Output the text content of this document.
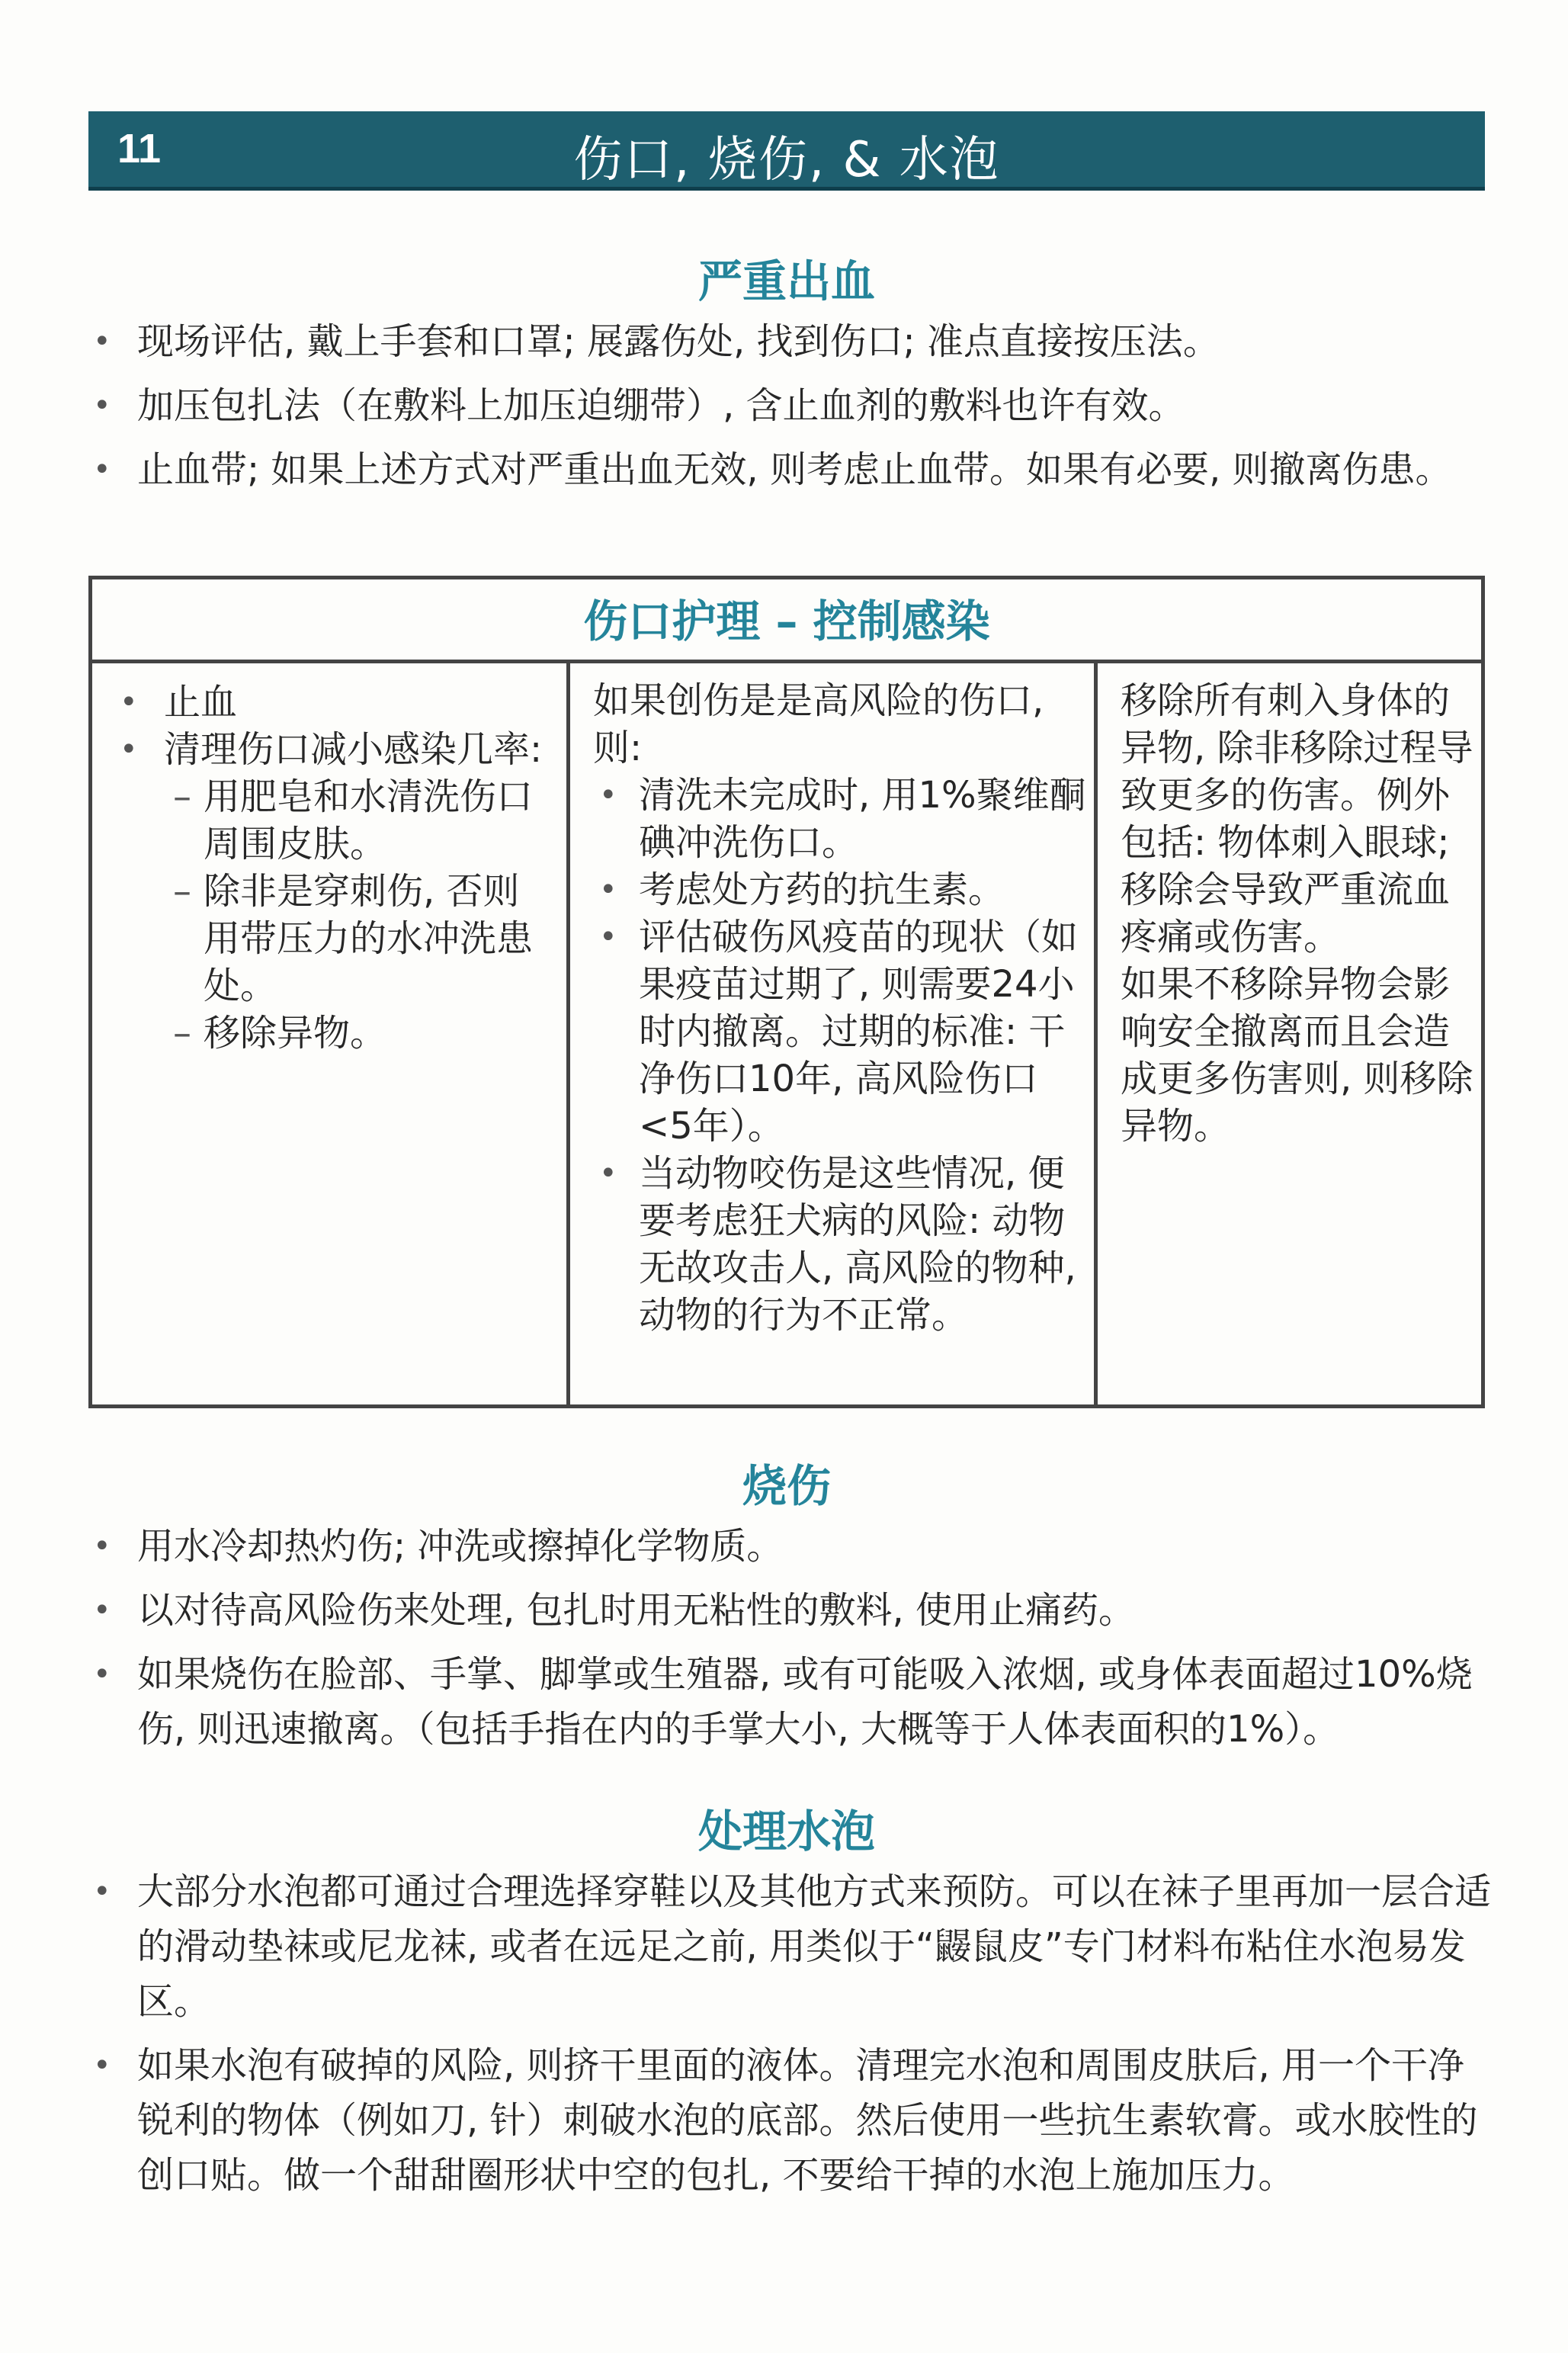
11	伤口, 烧伤, & 水泡
严重出血
• 现场评估, 戴上手套和口罩; 展露伤处, 找到伤口; 准点直接按压法。
• 加压包扎法（在敷料上加压迫绷带）, 含止血剂的敷料也许有效。
• 止血带; 如果上述方式对严重出血无效, 则考虑止血带。如果有必要, 则撤离伤患。
伤口护理 – 控制感染
• 止血
• 清理伤口减小感染几率:
– 用肥皂和水清洗伤口周围皮肤。
– 除非是穿刺伤, 否则用带压力的水冲洗患处。
– 移除异物。

如果创伤是是高风险的伤口, 则:

• 清洗未完成时, 用1%聚维酮碘冲洗伤口。
• 考虑处方药的抗生素。
• 评估破伤风疫苗的现状（如果疫苗过期了, 则需要24小时内撤离。过期的标准: 干净伤口10年, 高风险伤口<5年）。
• 当动物咬伤是这些情况, 便要考虑狂犬病的风险: 动物无故攻击人, 高风险的物种, 动物的行为不正常。

移除所有刺入身体的异物, 除非移除过程导致更多的伤害。例外包括: 物体刺入眼球; 移除会导致严重流血疼痛或伤害。

如果不移除异物会影响安全撤离而且会造成更多伤害则, 则移除异物。

烧伤
• 用水冷却热灼伤; 冲洗或擦掉化学物质。
• 以对待高风险伤来处理, 包扎时用无粘性的敷料, 使用止痛药。
• 如果烧伤在脸部、手掌、脚掌或生殖器, 或有可能吸入浓烟, 或身体表面超过10%烧伤, 则迅速撤离。（包括手指在内的手掌大小, 大概等于人体表面积的1%）。
处理水泡
• 大部分水泡都可通过合理选择穿鞋以及其他方式来预防。可以在袜子里再加一层合适的滑动垫袜或尼龙袜, 或者在远足之前, 用类似于“鼹鼠皮”专门材料布粘住水泡易发区。
• 如果水泡有破掉的风险, 则挤干里面的液体。清理完水泡和周围皮肤后, 用一个干净锐利的物体（例如刀, 针）刺破水泡的底部。然后使用一些抗生素软膏。或水胶性的创口贴。做一个甜甜圈形状中空的包扎, 不要给干掉的水泡上施加压力。
